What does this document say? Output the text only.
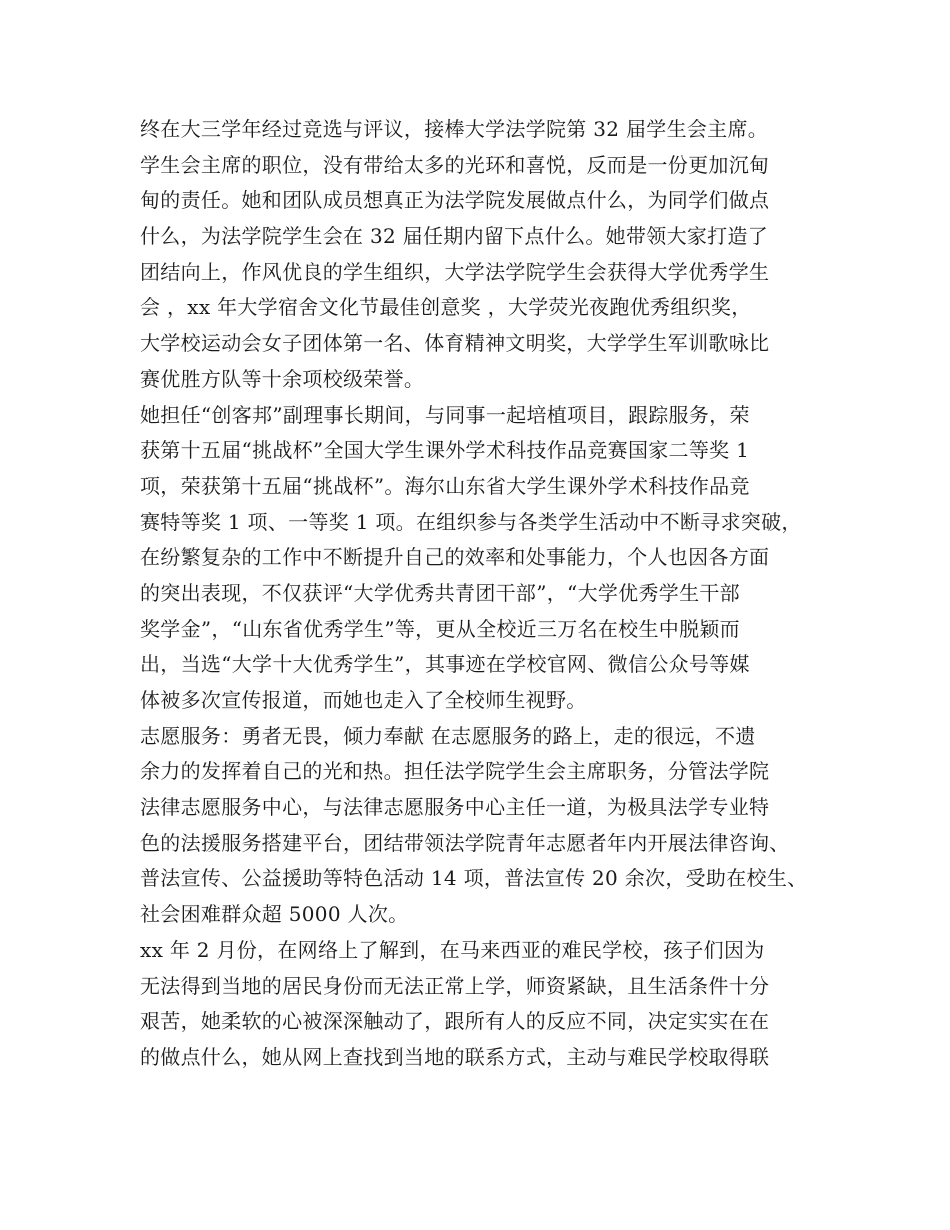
终在大三学年经过竞选与评议，接棒大学法学院第 32 届学生会主席。
学生会主席的职位，没有带给太多的光环和喜悦，反而是一份更加沉甸
甸的责任。她和团队成员想真正为法学院发展做点什么，为同学们做点
什么，为法学院学生会在 32 届任期内留下点什么。她带领大家打造了
团结向上，作风优良的学生组织，大学法学院学生会获得大学优秀学生
会 ，xx 年大学宿舍文化节最佳创意奖 ，大学荧光夜跑优秀组织奖，
大学校运动会女子团体第一名、体育精神文明奖，大学学生军训歌咏比
赛优胜方队等十余项校级荣誉。
她担任“创客邦”副理事长期间，与同事一起培植项目，跟踪服务，荣
获第十五届“挑战杯”全国大学生课外学术科技作品竞赛国家二等奖 1
项，荣获第十五届“挑战杯”。海尔山东省大学生课外学术科技作品竞
赛特等奖 1 项、一等奖 1 项。在组织参与各类学生活动中不断寻求突破，
在纷繁复杂的工作中不断提升自己的效率和处事能力，个人也因各方面
的突出表现，不仅获评“大学优秀共青团干部”，“大学优秀学生干部
奖学金”，“山东省优秀学生”等，更从全校近三万名在校生中脱颖而
出，当选“大学十大优秀学生”，其事迹在学校官网、微信公众号等媒
体被多次宣传报道，而她也走入了全校师生视野。
志愿服务：勇者无畏，倾力奉献 在志愿服务的路上，走的很远，不遗
余力的发挥着自己的光和热。担任法学院学生会主席职务，分管法学院
法律志愿服务中心，与法律志愿服务中心主任一道，为极具法学专业特
色的法援服务搭建平台，团结带领法学院青年志愿者年内开展法律咨询、
普法宣传、公益援助等特色活动 14 项，普法宣传 20 余次，受助在校生、
社会困难群众超 5000 人次。
xx 年 2 月份，在网络上了解到，在马来西亚的难民学校，孩子们因为
无法得到当地的居民身份而无法正常上学，师资紧缺，且生活条件十分
艰苦，她柔软的心被深深触动了，跟所有人的反应不同，决定实实在在
的做点什么，她从网上查找到当地的联系方式，主动与难民学校取得联
